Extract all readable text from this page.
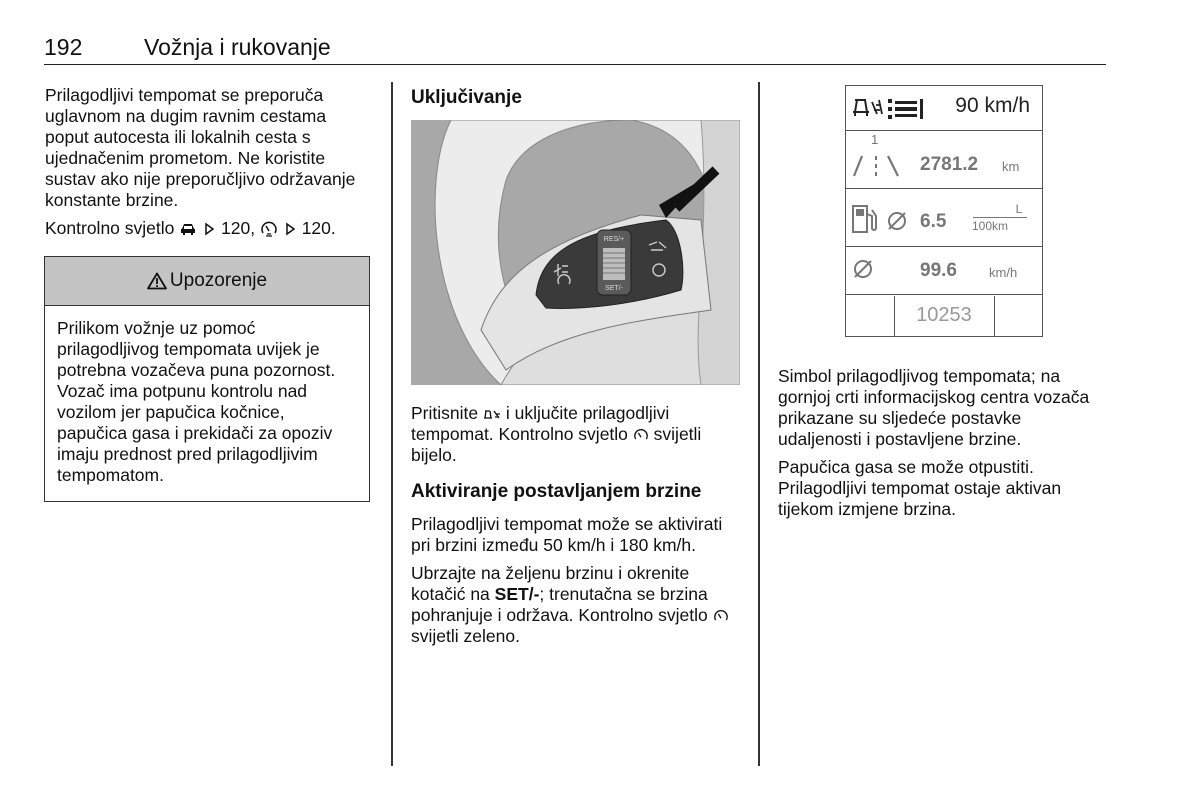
192	Vožnja i rukovanje

Prilagodljivi tempomat se preporuča uglavnom na dugim ravnim cestama poput autocesta ili lokalnih cesta s ujednačenim prometom. Ne koristite sustav ako nije preporučljivo održavanje konstante brzine.

Kontrolno svjetlo	120,	120.

Upozorenje
Prilikom vožnje uz pomoć prilagodljivog tempomata uvijek je potrebna vozačeva puna pozornost. Vozač ima potpunu kontrolu nad vozilom jer papučica kočnice, papučica gasa i prekidači za opoziv imaju prednost pred prilagodljivim tempomatom.
Uključivanje
RES/+
SET/-

Pritisnite i uključite prilagodljivi tempomat. Kontrolno svjetlo svijetli bijelo.

Aktiviranje postavljanjem brzine

Prilagodljivi tempomat može se aktivirati pri brzini između 50 km/h i 180 km/h.

Ubrzajte na željenu brzinu i okrenite kotačić na SET/-; trenutačna se brzina pohranjuje i održava. Kontrolno svjetlo  svijetli zeleno.

90 km/h
1
2781.2 km
6.5
L
100km
99.6 km/h
10253

Simbol prilagodljivog tempomata; na gornjoj crti informacijskog centra vozača prikazane su sljedeće postavke udaljenosti i postavljene brzine.

Papučica gasa se može otpustiti. Prilagodljivi tempomat ostaje aktivan tijekom izmjene brzina.
